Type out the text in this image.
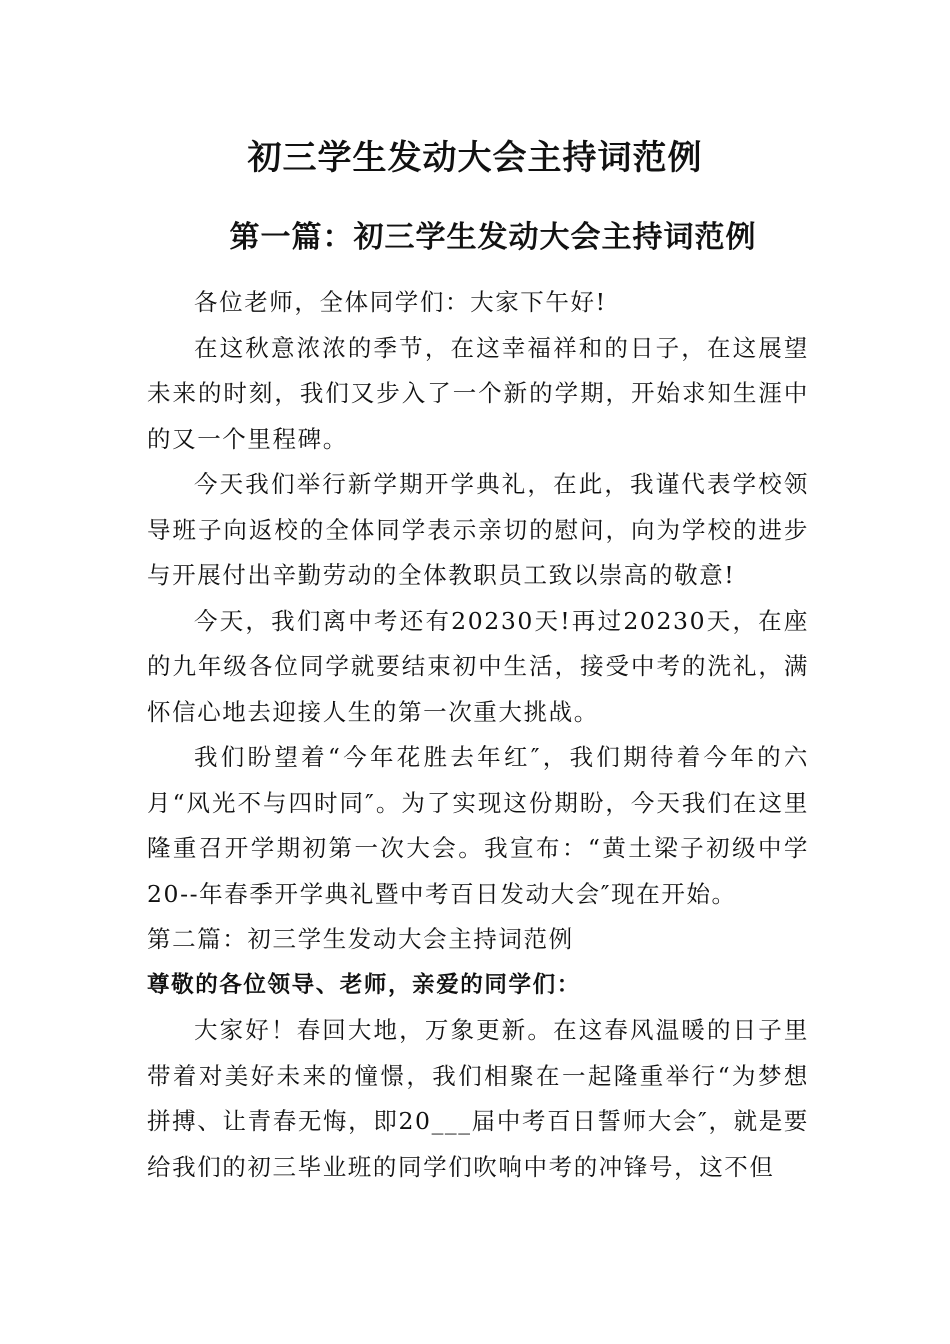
初三学生发动大会主持词范例
第一篇：初三学生发动大会主持词范例

各位老师，全体同学们：大家下午好!

在这秋意浓浓的季节，在这幸福祥和的日子，在这展望未来的时刻，我们又步入了一个新的学期，开始求知生涯中的又一个里程碑。

今天我们举行新学期开学典礼，在此，我谨代表学校领导班子向返校的全体同学表示亲切的慰问，向为学校的进步与开展付出辛勤劳动的全体教职员工致以崇高的敬意!

今天，我们离中考还有20230天!再过20230天，在座的九年级各位同学就要结束初中生活，接受中考的洗礼，满怀信心地去迎接人生的第一次重大挑战。

我们盼望着“今年花胜去年红″，我们期待着今年的六月“风光不与四时同″。为了实现这份期盼，今天我们在这里隆重召开学期初第一次大会。我宣布：“黄土梁子初级中学20--年春季开学典礼暨中考百日发动大会″现在开始。

第二篇：初三学生发动大会主持词范例

尊敬的各位领导、老师，亲爱的同学们：

大家好！春回大地，万象更新。在这春风温暖的日子里带着对美好未来的憧憬，我们相聚在一起隆重举行“为梦想拼搏、让青春无悔，即20___届中考百日誓师大会″，就是要给我们的初三毕业班的同学们吹响中考的冲锋号，这不但
